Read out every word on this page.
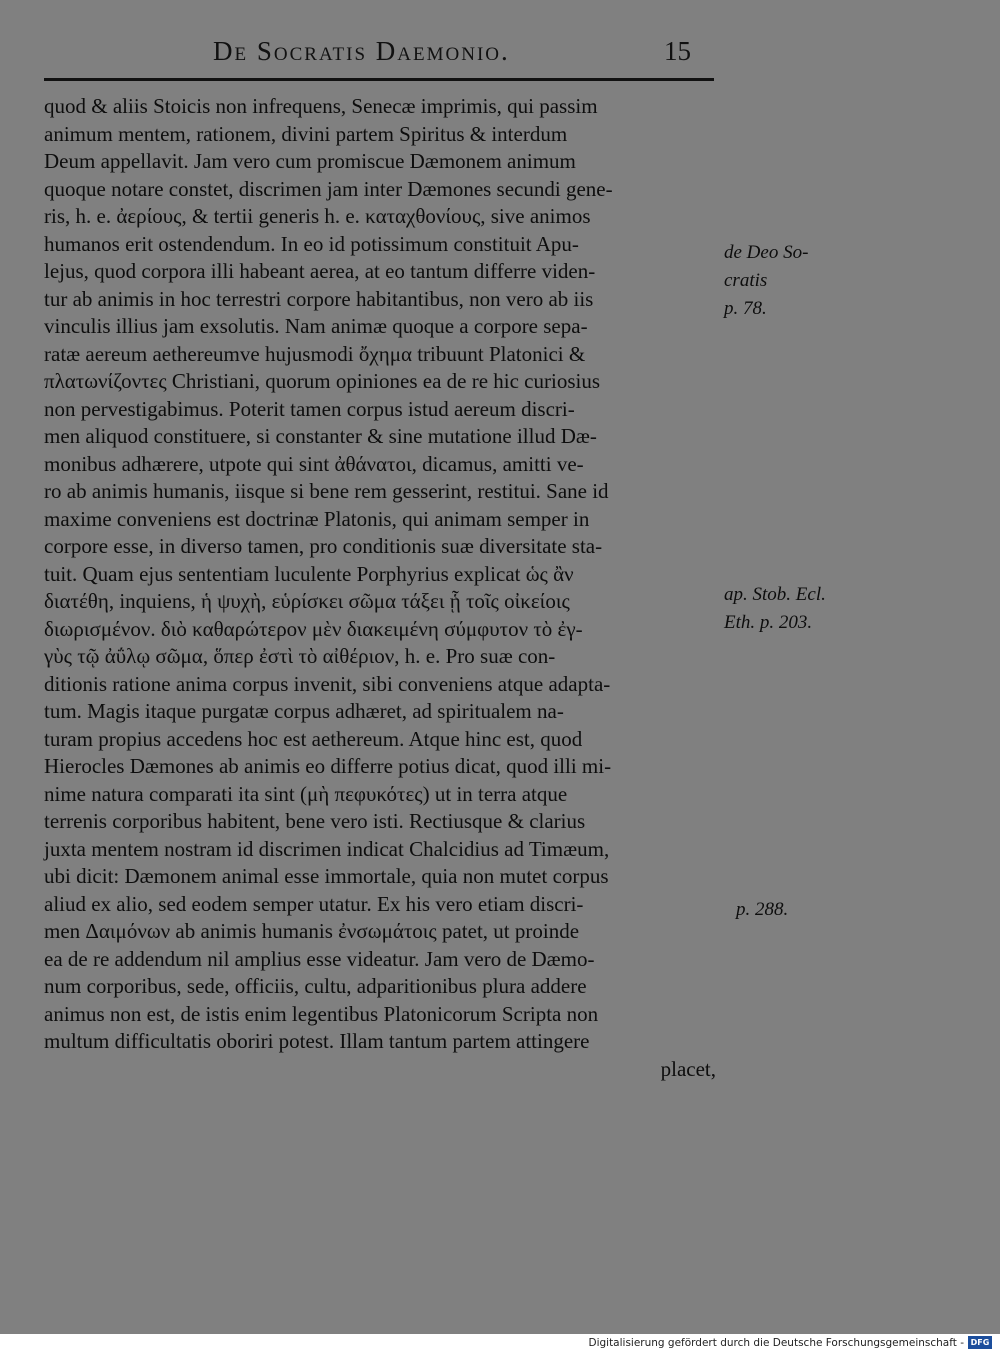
De Socratis Daemonio.	15
quod & aliis Stoicis non infrequens, Senecæ imprimis, qui passim
animum mentem, rationem, divini partem Spiritus & interdum
Deum appellavit. Jam vero cum promiscue Dæmonem animum
quoque notare constet, discrimen jam inter Dæmones secundi gene-
ris, h. e. ἀερίους, & tertii generis h. e. καταχθονίους, sive animos
humanos erit ostendendum. In eo id potissimum constituit Apu-
lejus, quod corpora illi habeant aerea, at eo tantum differre viden-
tur ab animis in hoc terrestri corpore habitantibus, non vero ab iis
vinculis illius jam exsolutis. Nam animæ quoque a corpore sepa-
ratæ aereum aethereumve hujusmodi ὄχημα tribuunt Platonici &
πλατωνίζοντες Christiani, quorum opiniones ea de re hic curiosius
non pervestigabimus. Poterit tamen corpus istud aereum discri-
men aliquod constituere, si constanter & sine mutatione illud Dæ-
monibus adhærere, utpote qui sint ἀθάνατοι, dicamus, amitti ve-
ro ab animis humanis, iisque si bene rem gesserint, restitui. Sane id
maxime conveniens est doctrinæ Platonis, qui animam semper in
corpore esse, in diverso tamen, pro conditionis suæ diversitate sta-
tuit. Quam ejus sententiam luculente Porphyrius explicat ὡς ἂν
διατέθη, inquiens, ἡ ψυχὴ, εὑρίσκει σῶμα τάξει ᾗ τοῖς οἰκείοις
διωρισμένον. διὸ καθαρώτερον μὲν διακειμένη σύμφυτον τὸ ἐγ-
γὺς τῷ ἀΰλῳ σῶμα, ὅπερ ἐστὶ τὸ αἰθέριον, h. e. Pro suæ con-
ditionis ratione anima corpus invenit, sibi conveniens atque adapta-
tum. Magis itaque purgatæ corpus adhæret, ad spiritualem na-
turam propius accedens hoc est aethereum. Atque hinc est, quod
Hierocles Dæmones ab animis eo differre potius dicat, quod illi mi-
nime natura comparati ita sint (μὴ πεφυκότες) ut in terra atque
terrenis corporibus habitent, bene vero isti. Rectiusque & clarius
juxta mentem nostram id discrimen indicat Chalcidius ad Timæum,
ubi dicit: Dæmonem animal esse immortale, quia non mutet corpus
aliud ex alio, sed eodem semper utatur. Ex his vero etiam discri-
men Δαιμόνων ab animis humanis ἐνσωμάτοις patet, ut proinde
ea de re addendum nil amplius esse videatur. Jam vero de Dæmo-
num corporibus, sede, officiis, cultu, adparitionibus plura addere
animus non est, de istis enim legentibus Platonicorum Scripta non
multum difficultatis oboriri potest. Illam tantum partem attingere
placet,
de Deo So-
cratis
p. 78.
ap. Stob. Ecl.
Eth. p. 203.
p. 288.
Digitalisierung gefördert durch die Deutsche Forschungsgemeinschaft - DFG
